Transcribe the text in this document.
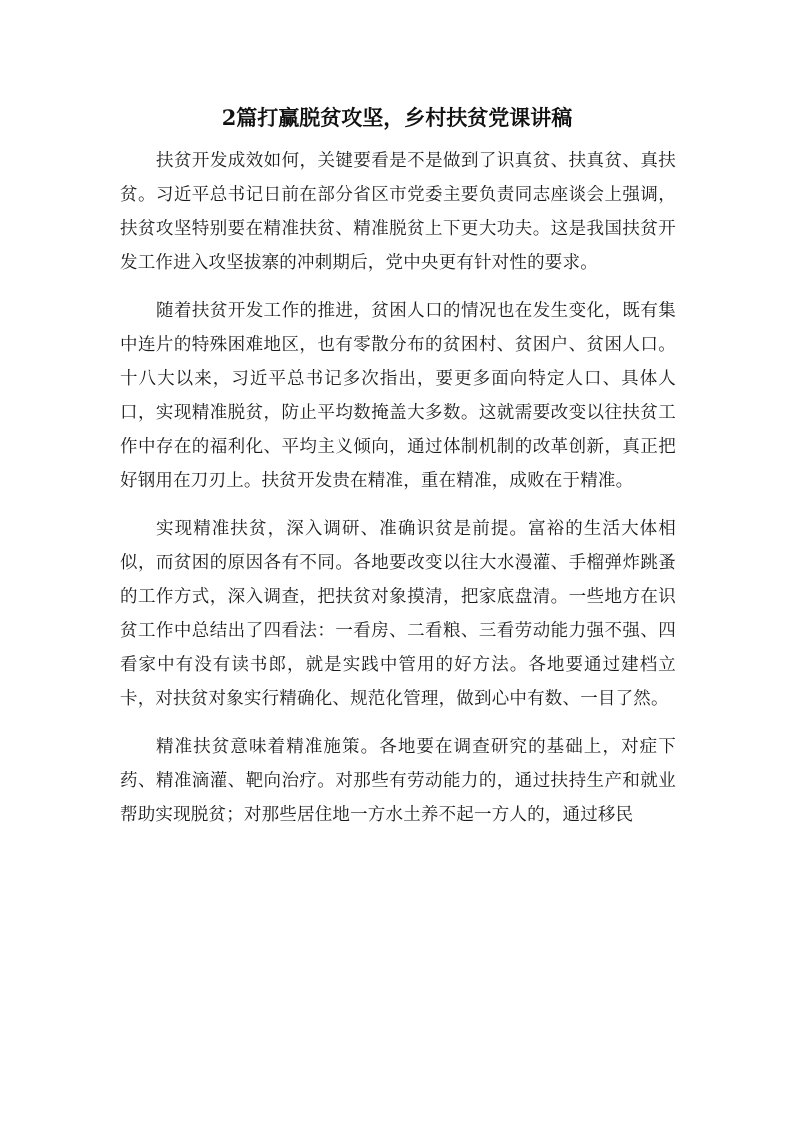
2篇打赢脱贫攻坚，乡村扶贫党课讲稿

扶贫开发成效如何，关键要看是不是做到了识真贫、扶真贫、真扶贫。习近平总书记日前在部分省区市党委主要负责同志座谈会上强调，扶贫攻坚特别要在精准扶贫、精准脱贫上下更大功夫。这是我国扶贫开发工作进入攻坚拔寨的冲刺期后，党中央更有针对性的要求。

随着扶贫开发工作的推进，贫困人口的情况也在发生变化，既有集中连片的特殊困难地区，也有零散分布的贫困村、贫困户、贫困人口。十八大以来，习近平总书记多次指出，要更多面向特定人口、具体人口，实现精准脱贫，防止平均数掩盖大多数。这就需要改变以往扶贫工作中存在的福利化、平均主义倾向，通过体制机制的改革创新，真正把好钢用在刀刃上。扶贫开发贵在精准，重在精准，成败在于精准。

实现精准扶贫，深入调研、准确识贫是前提。富裕的生活大体相似，而贫困的原因各有不同。各地要改变以往大水漫灌、手榴弹炸跳蚤的工作方式，深入调查，把扶贫对象摸清，把家底盘清。一些地方在识贫工作中总结出了四看法：一看房、二看粮、三看劳动能力强不强、四看家中有没有读书郎，就是实践中管用的好方法。各地要通过建档立卡，对扶贫对象实行精确化、规范化管理，做到心中有数、一目了然。

精准扶贫意味着精准施策。各地要在调查研究的基础上，对症下药、精准滴灌、靶向治疗。对那些有劳动能力的，通过扶持生产和就业帮助实现脱贫；对那些居住地一方水土养不起一方人的，通过移民
